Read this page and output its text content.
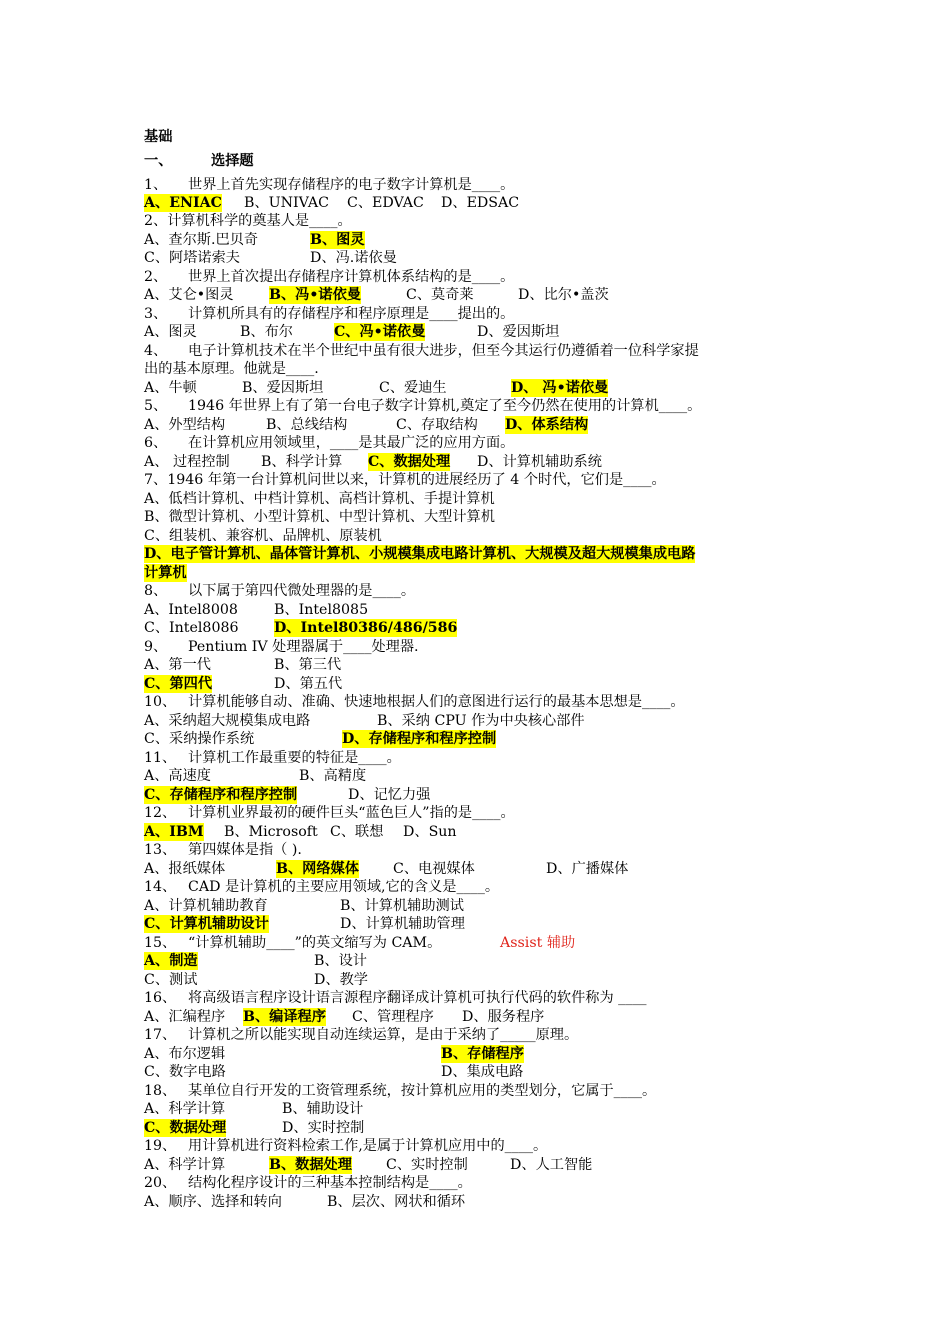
基础
一、	选择题
1、 世界上首先实现存储程序的电子数字计算机是____。
A、ENIAC B、UNIVAC C、EDVAC D、EDSAC
2、计算机科学的奠基人是____。
A、查尔斯.巴贝奇	B、图灵
C、阿塔诺索夫	D、冯.诺依曼
2、 世界上首次提出存储程序计算机体系结构的是____。
A、艾仑•图灵 B、冯•诺依曼	C、莫奇莱	D、比尔•盖茨
3、 计算机所具有的存储程序和程序原理是____提出的。
A、图灵	B、布尔	C、冯•诺依曼	D、爱因斯坦
4、 电子计算机技术在半个世纪中虽有很大进步，但至今其运行仍遵循着一位科学家提
出的基本原理。他就是____.
A、牛顿	B、爱因斯坦	C、爱迪生	D、 冯•诺依曼
5、 1946 年世界上有了第一台电子数字计算机,奠定了至今仍然在使用的计算机____。
A、外型结构	B、总线结构	C、存取结构 D、体系结构
6、 在计算机应用领域里，____是其最广泛的应用方面。
A、 过程控制 B、科学计算 C、数据处理 D、计算机辅助系统
7、1946 年第一台计算机问世以来，计算机的进展经历了 4 个时代，它们是____。
A、低档计算机、中档计算机、高档计算机、手提计算机
B、微型计算机、小型计算机、中型计算机、大型计算机
C、组装机、兼容机、品牌机、原装机
D、电子管计算机、晶体管计算机、小规模集成电路计算机、大规模及超大规模集成电路
计算机
8、 以下属于第四代微处理器的是____。
A、Intel8008	B、Intel8085
C、Intel8086 D、Intel80386/486/586
9、 Pentium IV 处理器属于____处理器.
A、第一代	B、第三代
C、第四代	D、第五代
10、 计算机能够自动、准确、快速地根据人们的意图进行运行的最基本思想是____。
A、采纳超大规模集成电路	B、采纳 CPU 作为中央核心部件
C、采纳操作系统	D、存储程序和程序控制
11、 计算机工作最重要的特征是____。
A、高速度	B、高精度
C、存储程序和程序控制	D、记忆力强
12、 计算机业界最初的硬件巨头“蓝色巨人”指的是____。
A、IBM B、Microsoft C、联想 D、Sun
13、 第四媒体是指（ ).
A、报纸媒体	B、网络媒体 C、电视媒体	D、广播媒体
14、 CAD 是计算机的主要应用领域,它的含义是____。
A、计算机辅助教育	B、计算机辅助测试
C、计算机辅助设计	D、计算机辅助管理
15、 “计算机辅助____”的英文缩写为 CAM。	Assist 辅助
A、制造	B、设计
C、测试	D、教学
16、 将高级语言程序设计语言源程序翻译成计算机可执行代码的软件称为 ____
A、汇编程序 B、编译程序 C、管理程序 D、服务程序
17、 计算机之所以能实现自动连续运算，是由于采纳了_____原理。
A、布尔逻辑	B、存储程序
C、数字电路	D、集成电路
18、 某单位自行开发的工资管理系统，按计算机应用的类型划分，它属于____。
A、科学计算	B、辅助设计
C、数据处理	D、实时控制
19、 用计算机进行资料检索工作,是属于计算机应用中的____。
A、科学计算	B、数据处理 C、实时控制	D、人工智能
20、 结构化程序设计的三种基本控制结构是____。
A、顺序、选择和转向	B、层次、网状和循环
